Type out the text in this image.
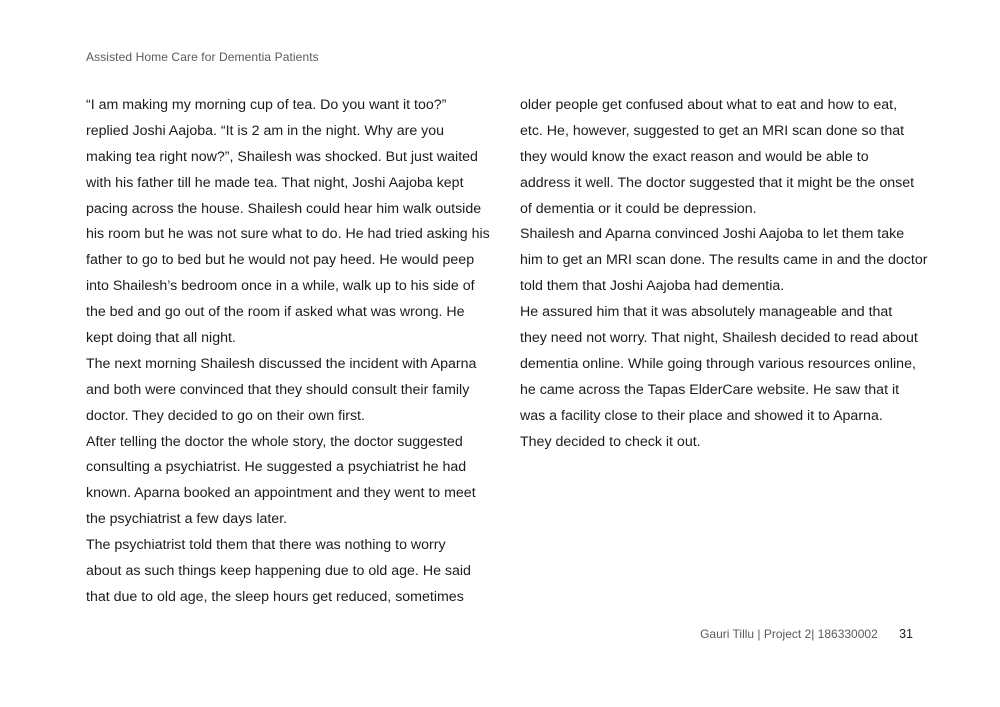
Assisted Home Care for Dementia Patients
“I am making my morning cup of tea. Do you want it too?”
replied Joshi Aajoba. “It is 2 am in the night. Why are you
making tea right now?”, Shailesh was shocked. But just waited
with his father till he made tea. That night, Joshi Aajoba kept
pacing across the house. Shailesh could hear him walk outside
his room but he was not sure what to do. He had tried asking his
father to go to bed but he would not pay heed. He would peep
into Shailesh’s bedroom once in a while, walk up to his side of
the bed and go out of the room if asked what was wrong. He
kept doing that all night.
The next morning Shailesh discussed the incident with Aparna
and both were convinced that they should consult their family
doctor. They decided to go on their own first.
After telling the doctor the whole story, the doctor suggested
consulting a psychiatrist. He suggested a psychiatrist he had
known. Aparna booked an appointment and they went to meet
the psychiatrist a few days later.
The psychiatrist told them that there was nothing to worry
about as such things keep happening due to old age. He said
that due to old age, the sleep hours get reduced, sometimes
older people get confused about what to eat and how to eat,
etc. He, however, suggested to get an MRI scan done so that
they would know the exact reason and would be able to
address it well. The doctor suggested that it might be the onset
of dementia or it could be depression.
Shailesh and Aparna convinced Joshi Aajoba to let them take
him to get an MRI scan done. The results came in and the doctor
told them that Joshi Aajoba had dementia.
He assured him that it was absolutely manageable and that
they need not worry. That night, Shailesh decided to read about
dementia online. While going through various resources online,
he came across the Tapas ElderCare website. He saw that it
was a facility close to their place and showed it to Aparna.
They decided to check it out.
Gauri Tillu | Project 2| 186330002 31
